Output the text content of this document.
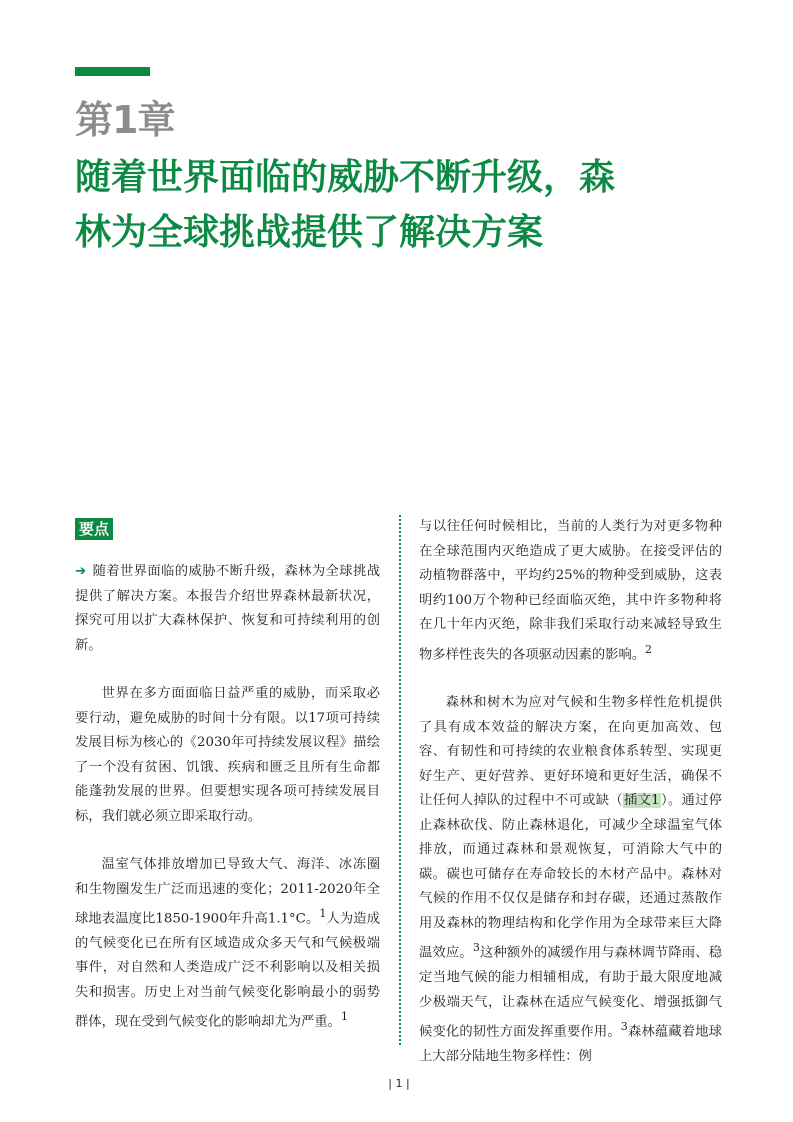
第1章
随着世界面临的威胁不断升级，森林为全球挑战提供了解决方案
要点

➔ 随着世界面临的威胁不断升级，森林为全球挑战提供了解决方案。本报告介绍世界森林最新状况，探究可用以扩大森林保护、恢复和可持续利用的创新。

世界在多方面面临日益严重的威胁，而采取必要行动，避免威胁的时间十分有限。以17项可持续发展目标为核心的《2030年可持续发展议程》描绘了一个没有贫困、饥饿、疾病和匮乏且所有生命都能蓬勃发展的世界。但要想实现各项可持续发展目标，我们就必须立即采取行动。

温室气体排放增加已导致大气、海洋、冰冻圈和生物圈发生广泛而迅速的变化；2011-2020年全球地表温度比1850-1900年升高1.1°C。$^1$人为造成的气候变化已在所有区域造成众多天气和气候极端事件，对自然和人类造成广泛不利影响以及相关损失和损害。历史上对当前气候变化影响最小的弱势群体，现在受到气候变化的影响却尤为严重。$^1$

与以往任何时候相比，当前的人类行为对更多物种在全球范围内灭绝造成了更大威胁。在接受评估的动植物群落中，平均约25%的物种受到威胁，这表明约100万个物种已经面临灭绝，其中许多物种将在几十年内灭绝，除非我们采取行动来减轻导致生物多样性丧失的各项驱动因素的影响。$^2$

森林和树木为应对气候和生物多样性危机提供了具有成本效益的解决方案，在向更加高效、包容、有韧性和可持续的农业粮食体系转型、实现更好生产、更好营养、更好环境和更好生活，确保不让任何人掉队的过程中不可或缺（插文1）。通过停止森林砍伐、防止森林退化，可减少全球温室气体排放，而通过森林和景观恢复，可消除大气中的碳。碳也可储存在寿命较长的木材产品中。森林对气候的作用不仅仅是储存和封存碳，还通过蒸散作用及森林的物理结构和化学作用为全球带来巨大降温效应。$^3$这种额外的减缓作用与森林调节降雨、稳定当地气候的能力相辅相成，有助于最大限度地减少极端天气，让森林在适应气候变化、增强抵御气候变化的韧性方面发挥重要作用。$^3$森林蕴藏着地球上大部分陆地生物多样性：例

| 1 |
